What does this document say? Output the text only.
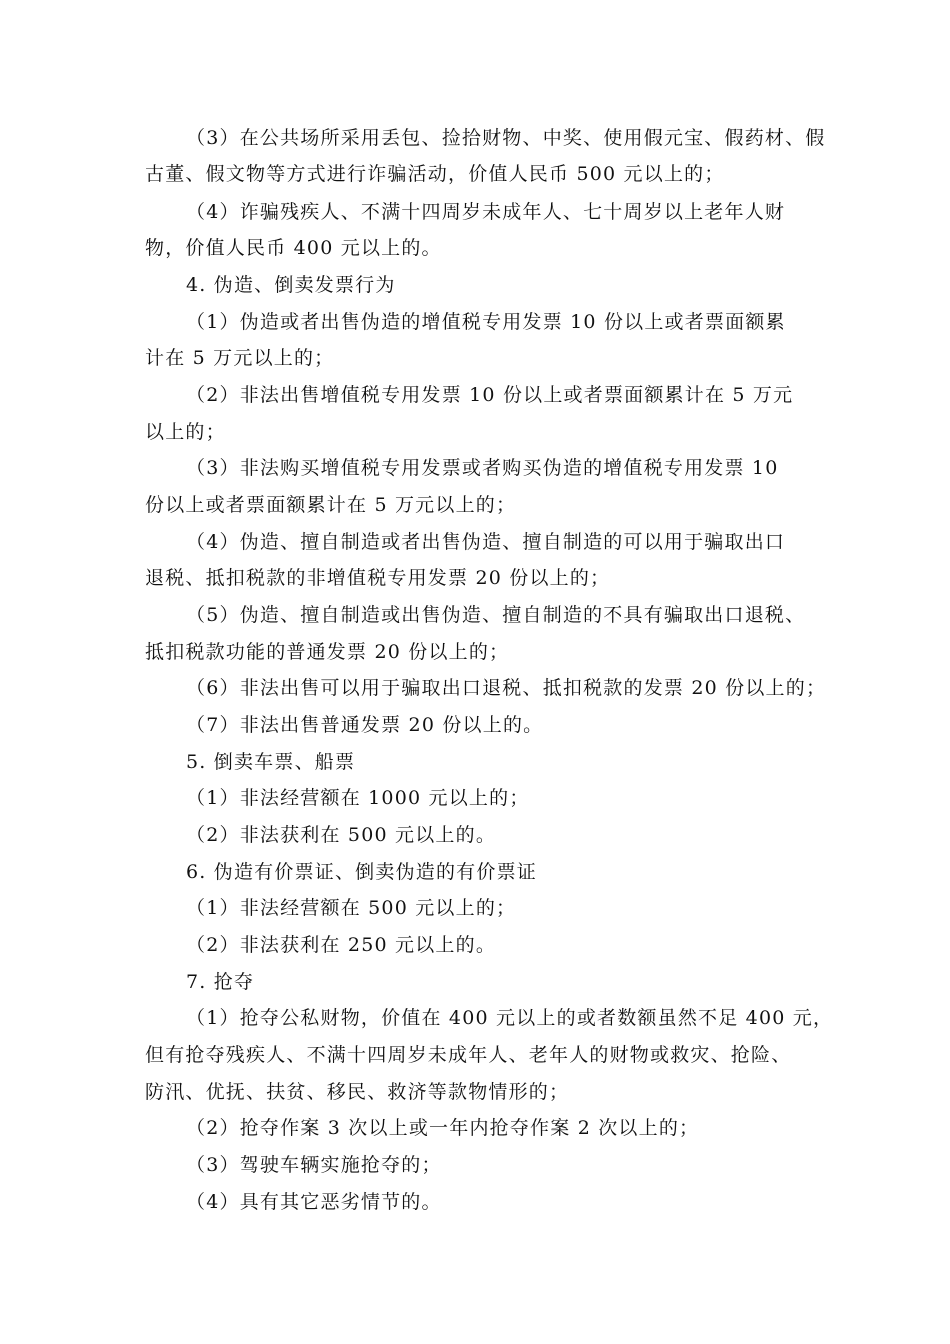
（3）在公共场所采用丢包、捡拾财物、中奖、使用假元宝、假药材、假
古董、假文物等方式进行诈骗活动，价值人民币 500 元以上的；
（4）诈骗残疾人、不满十四周岁未成年人、七十周岁以上老年人财
物，价值人民币 400 元以上的。
4. 伪造、倒卖发票行为
（1）伪造或者出售伪造的增值税专用发票 10 份以上或者票面额累
计在 5 万元以上的；
（2）非法出售增值税专用发票 10 份以上或者票面额累计在 5 万元
以上的；
（3）非法购买增值税专用发票或者购买伪造的增值税专用发票 10
份以上或者票面额累计在 5 万元以上的；
（4）伪造、擅自制造或者出售伪造、擅自制造的可以用于骗取出口
退税、抵扣税款的非增值税专用发票 20 份以上的；
（5）伪造、擅自制造或出售伪造、擅自制造的不具有骗取出口退税、
抵扣税款功能的普通发票 20 份以上的；
（6）非法出售可以用于骗取出口退税、抵扣税款的发票 20 份以上的；
（7）非法出售普通发票 20 份以上的。
5. 倒卖车票、船票
（1）非法经营额在 1000 元以上的；
（2）非法获利在 500 元以上的。
6. 伪造有价票证、倒卖伪造的有价票证
（1）非法经营额在 500 元以上的；
（2）非法获利在 250 元以上的。
7. 抢夺
（1）抢夺公私财物，价值在 400 元以上的或者数额虽然不足 400 元，
但有抢夺残疾人、不满十四周岁未成年人、老年人的财物或救灾、抢险、
防汛、优抚、扶贫、移民、救济等款物情形的；
（2）抢夺作案 3 次以上或一年内抢夺作案 2 次以上的；
（3）驾驶车辆实施抢夺的；
（4）具有其它恶劣情节的。
